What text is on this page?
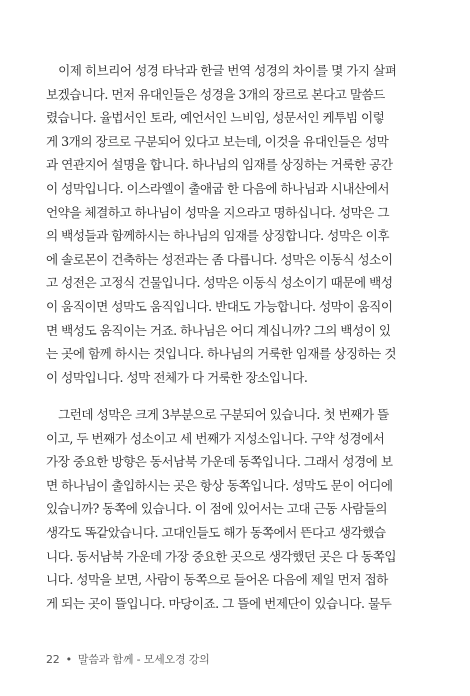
　이제 히브리어 성경 타낙과 한글 번역 성경의 차이를 몇 가지 살펴
보겠습니다. 먼저 유대인들은 성경을 3개의 장르로 본다고 말씀드
렸습니다. 율법서인 토라, 예언서인 느비임, 성문서인 케투빔 이렇
게 3개의 장르로 구분되어 있다고 보는데, 이것을 유대인들은 성막
과 연관지어 설명을 합니다. 하나님의 임재를 상징하는 거룩한 공간
이 성막입니다. 이스라엘이 출애굽 한 다음에 하나님과 시내산에서
언약을 체결하고 하나님이 성막을 지으라고 명하십니다. 성막은 그
의 백성들과 함께하시는 하나님의 임재를 상징합니다. 성막은 이후
에 솔로몬이 건축하는 성전과는 좀 다릅니다. 성막은 이동식 성소이
고 성전은 고정식 건물입니다. 성막은 이동식 성소이기 때문에 백성
이 움직이면 성막도 움직입니다. 반대도 가능합니다. 성막이 움직이
면 백성도 움직이는 거죠. 하나님은 어디 계십니까? 그의 백성이 있
는 곳에 함께 하시는 것입니다. 하나님의 거룩한 임재를 상징하는 것
이 성막입니다. 성막 전체가 다 거룩한 장소입니다.
　그런데 성막은 크게 3부분으로 구분되어 있습니다. 첫 번째가 뜰
이고, 두 번째가 성소이고 세 번째가 지성소입니다. 구약 성경에서
가장 중요한 방향은 동서남북 가운데 동쪽입니다. 그래서 성경에 보
면 하나님이 출입하시는 곳은 항상 동쪽입니다. 성막도 문이 어디에
있습니까? 동쪽에 있습니다. 이 점에 있어서는 고대 근동 사람들의
생각도 똑같았습니다. 고대인들도 해가 동쪽에서 뜬다고 생각했습
니다. 동서남북 가운데 가장 중요한 곳으로 생각했던 곳은 다 동쪽입
니다. 성막을 보면, 사람이 동쪽으로 들어온 다음에 제일 먼저 접하
게 되는 곳이 뜰입니다. 마당이죠. 그 뜰에 번제단이 있습니다. 물두
22 • 말씀과 함께 - 모세오경 강의
